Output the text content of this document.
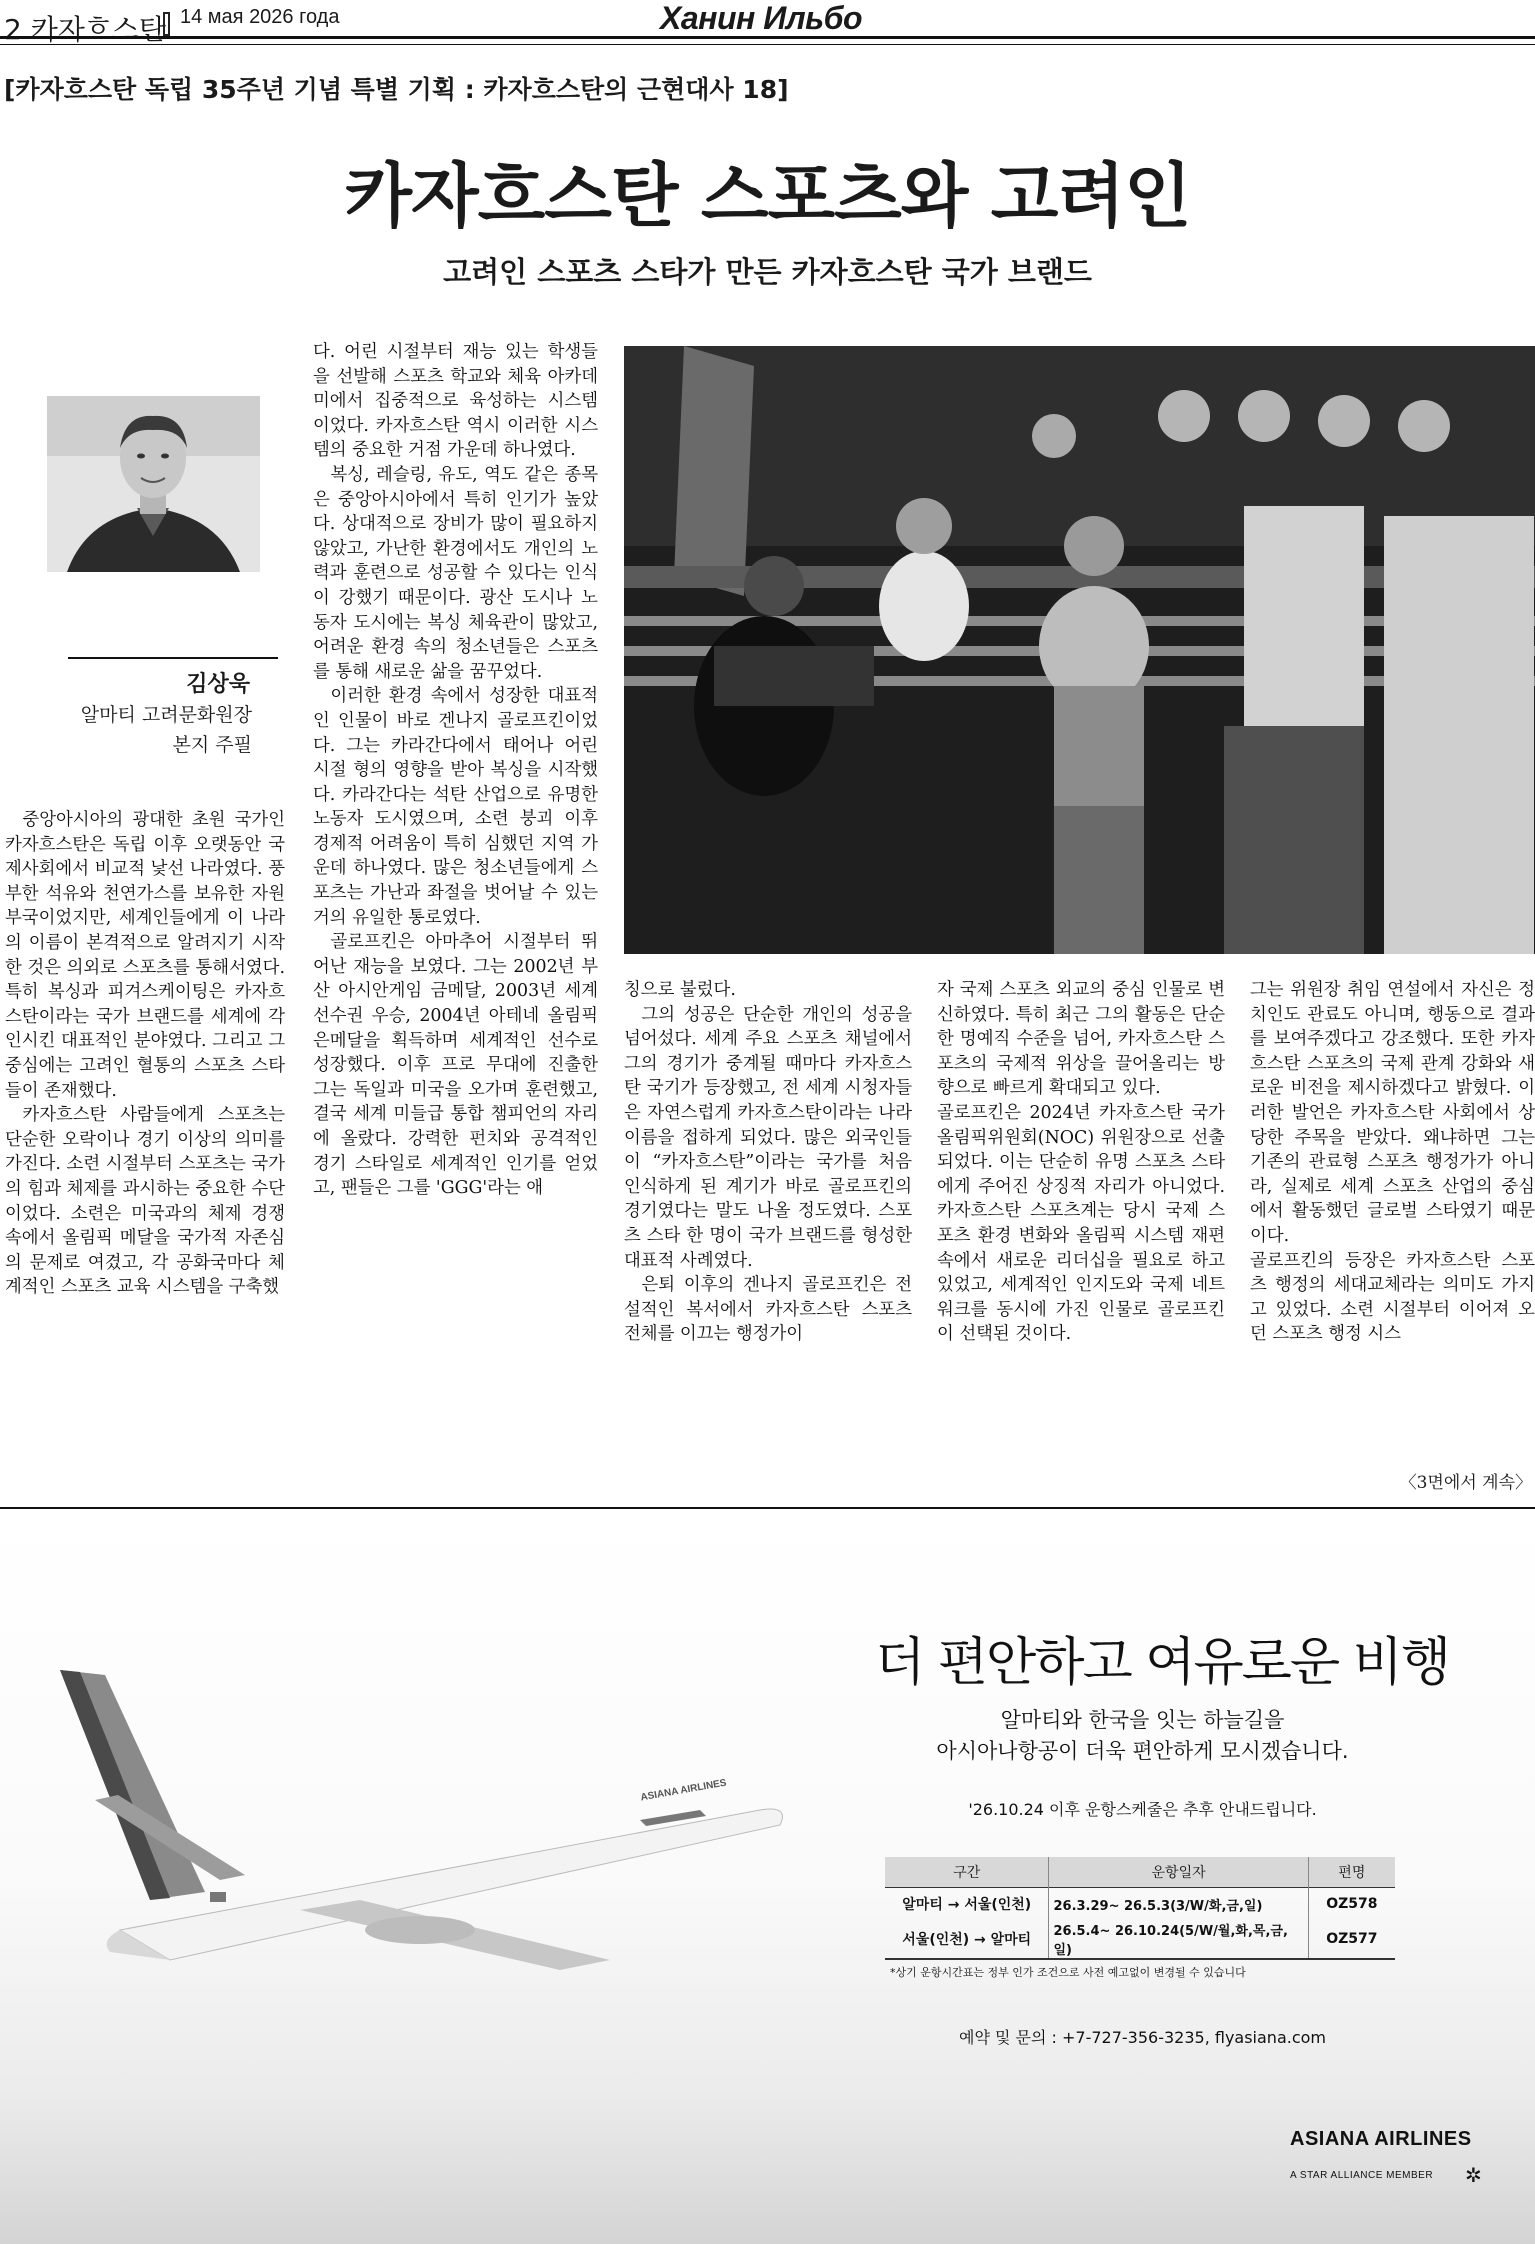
2 카자흐스탄 14 мая 2026 года	Ханин Ильбо
[카자흐스탄 독립 35주년 기념 특별 기획 : 카자흐스탄의 근현대사 18]
카자흐스탄 스포츠와 고려인
고려인 스포츠 스타가 만든 카자흐스탄 국가 브랜드
김상욱
알마티 고려문화원장
본지 주필

중앙아시아의 광대한 초원 국가인 카자흐스탄은 독립 이후 오랫동안 국제사회에서 비교적 낯선 나라였다. 풍부한 석유와 천연가스를 보유한 자원 부국이었지만, 세계인들에게 이 나라의 이름이 본격적으로 알려지기 시작한 것은 의외로 스포츠를 통해서였다. 특히 복싱과 피겨스케이팅은 카자흐스탄이라는 국가 브랜드를 세계에 각인시킨 대표적인 분야였다. 그리고 그 중심에는 고려인 혈통의 스포츠 스타들이 존재했다.

카자흐스탄 사람들에게 스포츠는 단순한 오락이나 경기 이상의 의미를 가진다. 소련 시절부터 스포츠는 국가의 힘과 체제를 과시하는 중요한 수단이었다. 소련은 미국과의 체제 경쟁 속에서 올림픽 메달을 국가적 자존심의 문제로 여겼고, 각 공화국마다 체계적인 스포츠 교육 시스템을 구축했

다. 어린 시절부터 재능 있는 학생들을 선발해 스포츠 학교와 체육 아카데미에서 집중적으로 육성하는 시스템이었다. 카자흐스탄 역시 이러한 시스템의 중요한 거점 가운데 하나였다.

복싱, 레슬링, 유도, 역도 같은 종목은 중앙아시아에서 특히 인기가 높았다. 상대적으로 장비가 많이 필요하지 않았고, 가난한 환경에서도 개인의 노력과 훈련으로 성공할 수 있다는 인식이 강했기 때문이다. 광산 도시나 노동자 도시에는 복싱 체육관이 많았고, 어려운 환경 속의 청소년들은 스포츠를 통해 새로운 삶을 꿈꾸었다.

이러한 환경 속에서 성장한 대표적인 인물이 바로 겐나지 골로프킨이었다. 그는 카라간다에서 태어나 어린 시절 형의 영향을 받아 복싱을 시작했다. 카라간다는 석탄 산업으로 유명한 노동자 도시였으며, 소련 붕괴 이후 경제적 어려움이 특히 심했던 지역 가운데 하나였다. 많은 청소년들에게 스포츠는 가난과 좌절을 벗어날 수 있는 거의 유일한 통로였다.

골로프킨은 아마추어 시절부터 뛰어난 재능을 보였다. 그는 2002년 부산 아시안게임 금메달, 2003년 세계선수권 우승, 2004년 아테네 올림픽 은메달을 획득하며 세계적인 선수로 성장했다. 이후 프로 무대에 진출한 그는 독일과 미국을 오가며 훈련했고, 결국 세계 미들급 통합 챔피언의 자리에 올랐다. 강력한 펀치와 공격적인 경기 스타일로 세계적인 인기를 얻었고, 팬들은 그를 'GGG'라는 애

칭으로 불렀다.

그의 성공은 단순한 개인의 성공을 넘어섰다. 세계 주요 스포츠 채널에서 그의 경기가 중계될 때마다 카자흐스탄 국기가 등장했고, 전 세계 시청자들은 자연스럽게 카자흐스탄이라는 나라 이름을 접하게 되었다. 많은 외국인들이 “카자흐스탄”이라는 국가를 처음 인식하게 된 계기가 바로 골로프킨의 경기였다는 말도 나올 정도였다. 스포츠 스타 한 명이 국가 브랜드를 형성한 대표적 사례였다.

은퇴 이후의 겐나지 골로프킨은 전설적인 복서에서 카자흐스탄 스포츠 전체를 이끄는 행정가이

자 국제 스포츠 외교의 중심 인물로 변신하였다. 특히 최근 그의 활동은 단순한 명예직 수준을 넘어, 카자흐스탄 스포츠의 국제적 위상을 끌어올리는 방향으로 빠르게 확대되고 있다.

골로프킨은 2024년 카자흐스탄 국가올림픽위원회(NOC) 위원장으로 선출되었다. 이는 단순히 유명 스포츠 스타에게 주어진 상징적 자리가 아니었다. 카자흐스탄 스포츠계는 당시 국제 스포츠 환경 변화와 올림픽 시스템 재편 속에서 새로운 리더십을 필요로 하고 있었고, 세계적인 인지도와 국제 네트워크를 동시에 가진 인물로 골로프킨이 선택된 것이다.

그는 위원장 취임 연설에서 자신은 정치인도 관료도 아니며, 행동으로 결과를 보여주겠다고 강조했다. 또한 카자흐스탄 스포츠의 국제 관계 강화와 새로운 비전을 제시하겠다고 밝혔다. 이러한 발언은 카자흐스탄 사회에서 상당한 주목을 받았다. 왜냐하면 그는 기존의 관료형 스포츠 행정가가 아니라, 실제로 세계 스포츠 산업의 중심에서 활동했던 글로벌 스타였기 때문이다.

골로프킨의 등장은 카자흐스탄 스포츠 행정의 세대교체라는 의미도 가지고 있었다. 소련 시절부터 이어져 오던 스포츠 행정 시스

〈3면에서 계속〉
ASIANA AIRLINES
더 편안하고 여유로운 비행
알마티와 한국을 잇는 하늘길을
아시아나항공이 더욱 편안하게 모시겠습니다.
'26.10.24 이후 운항스케줄은 추후 안내드립니다.
구간	운항일자	편명
알마티 → 서울(인천)	26.3.29~ 26.5.3(3/W/화,금,일)	OZ578
서울(인천) → 알마티	26.5.4~ 26.10.24(5/W/월,화,목,금,일)	OZ577
*상기 운항시간표는 정부 인가 조건으로 사전 예고없이 변경될 수 있습니다
예약 및 문의 : +7-727-356-3235, flyasiana.com
ASIANA AIRLINES
A STAR ALLIANCE MEMBER ✲
